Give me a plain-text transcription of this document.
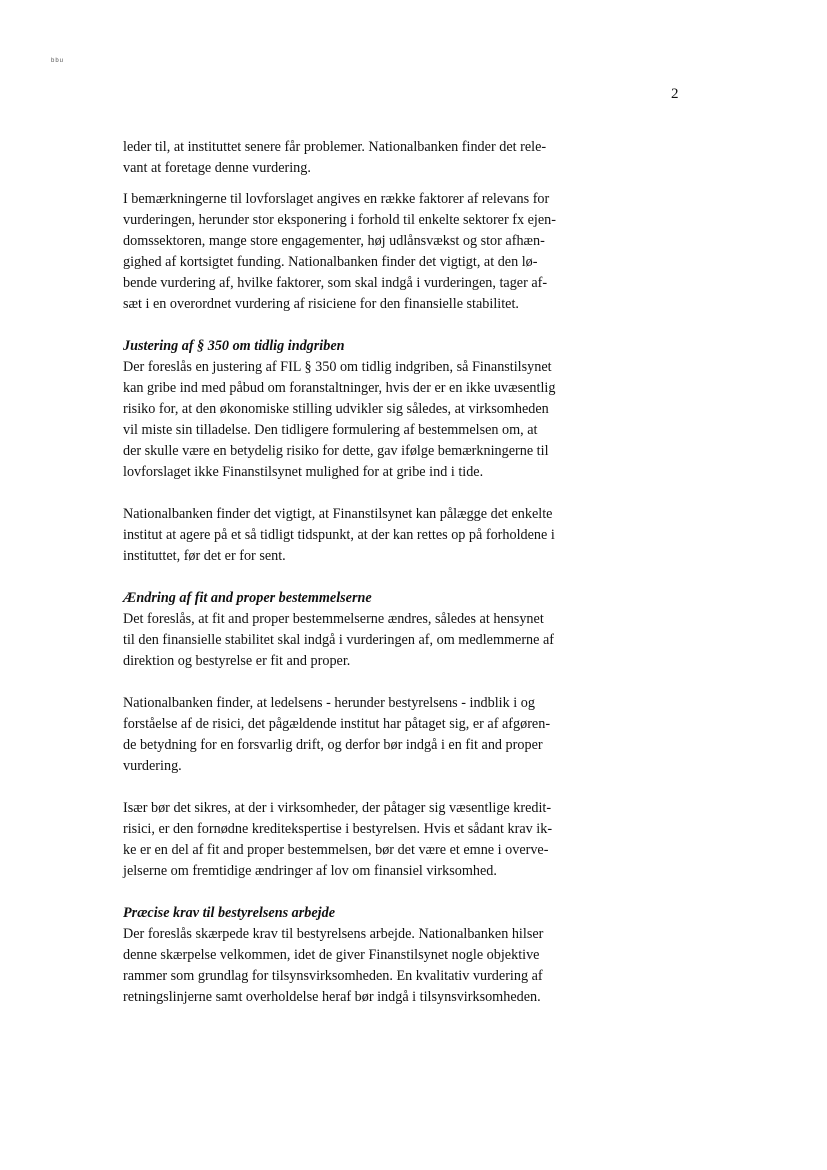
bbu
2

leder til, at instituttet senere får problemer. Nationalbanken finder det rele-
vant at foretage denne vurdering.

I bemærkningerne til lovforslaget angives en række faktorer af relevans for
vurderingen, herunder stor eksponering i forhold til enkelte sektorer fx ejen-
domssektoren, mange store engagementer, høj udlånsvækst og stor afhæn-
gighed af kortsigtet funding. Nationalbanken finder det vigtigt, at den lø-
bende vurdering af, hvilke faktorer, som skal indgå i vurderingen, tager af-
sæt i en overordnet vurdering af risiciene for den finansielle stabilitet.

Justering af § 350 om tidlig indgriben

Der foreslås en justering af FIL § 350 om tidlig indgriben, så Finanstilsynet
kan gribe ind med påbud om foranstaltninger, hvis der er en ikke uvæsentlig
risiko for, at den økonomiske stilling udvikler sig således, at virksomheden
vil miste sin tilladelse. Den tidligere formulering af bestemmelsen om, at
der skulle være en betydelig risiko for dette, gav ifølge bemærkningerne til
lovforslaget ikke Finanstilsynet mulighed for at gribe ind i tide.

Nationalbanken finder det vigtigt, at Finanstilsynet kan pålægge det enkelte
institut at agere på et så tidligt tidspunkt, at der kan rettes op på forholdene i
instituttet, før det er for sent.

Ændring af fit and proper bestemmelserne

Det foreslås, at fit and proper bestemmelserne ændres, således at hensynet
til den finansielle stabilitet skal indgå i vurderingen af, om medlemmerne af
direktion og bestyrelse er fit and proper.

Nationalbanken finder, at ledelsens - herunder bestyrelsens - indblik i og
forståelse af de risici, det pågældende institut har påtaget sig, er af afgøren-
de betydning for en forsvarlig drift, og derfor bør indgå i en fit and proper
vurdering.

Især bør det sikres, at der i virksomheder, der påtager sig væsentlige kredit-
risici, er den fornødne kreditekspertise i bestyrelsen. Hvis et sådant krav ik-
ke er en del af fit and proper bestemmelsen, bør det være et emne i overve-
jelserne om fremtidige ændringer af lov om finansiel virksomhed.

Præcise krav til bestyrelsens arbejde

Der foreslås skærpede krav til bestyrelsens arbejde. Nationalbanken hilser
denne skærpelse velkommen, idet de giver Finanstilsynet nogle objektive
rammer som grundlag for tilsynsvirksomheden. En kvalitativ vurdering af
retningslinjerne samt overholdelse heraf bør indgå i tilsynsvirksomheden.
